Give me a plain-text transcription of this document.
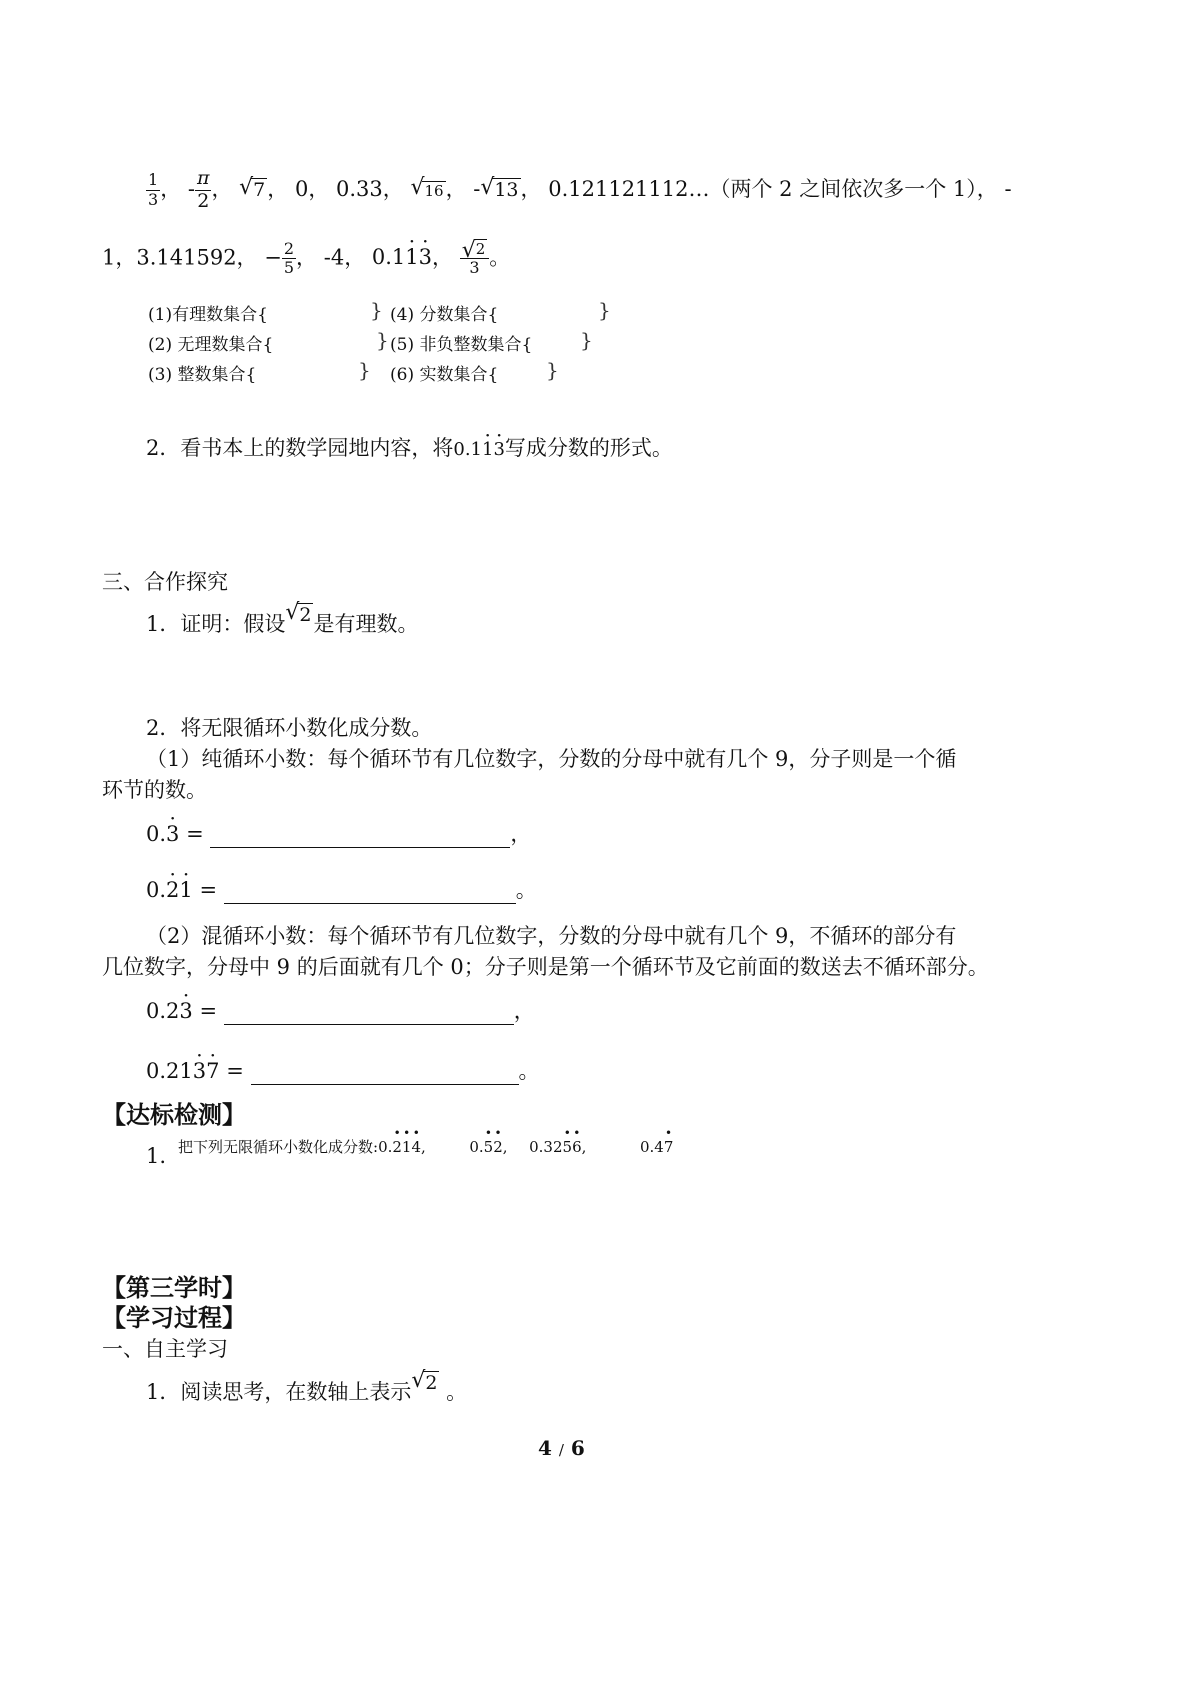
$\frac{1}{3}$ ， - $\frac{\pi}{2}$ ， √ 7， 0， 0.33， √ 16， - √ 13， 0.121121112…（两个 2 之间依次多一个 1）， -
1，3.141592， − $\frac{2}{5}$ ， -4， 0.1· 1· 3， √ $\frac{2}{3}$ 。
(1)有理数集合{	} (4) 分数集合{	}
(2) 无理数集合{	} (5) 非负整数集合{ }
(3) 整数集合{	} (6) 实数集合{ }
2．看书本上的数学园地内容，将0.1· 1· 3写成分数的形式。
三、合作探究
1．证明：假设 √ 2是有理数。
2．将无限循环小数化成分数。
（1）纯循环小数：每个循环节有几位数字，分数的分母中就有几个 9，分子则是一个循
环节的数。
0.· 3 =	，
0.· 2· 1 =	。
（2）混循环小数：每个循环节有几位数字，分数的分母中就有几个 9，不循环的部分有
几位数字，分母中 9 的后面就有几个 0；分子则是第一个循环节及它前面的数送去不循环部分。
0.2· 3 =	，
0.21· 3· 7 =	。
【达标检测】
1. 把下列无限循环小数化成分数:0.• 2• 1• 4,	0.• 5• 2, 0.32• 5• 6,	0.4• 7
【第三学时】
【学习过程】
一、自主学习
1．阅读思考，在数轴上表示 √ 2 。
4 / 6
